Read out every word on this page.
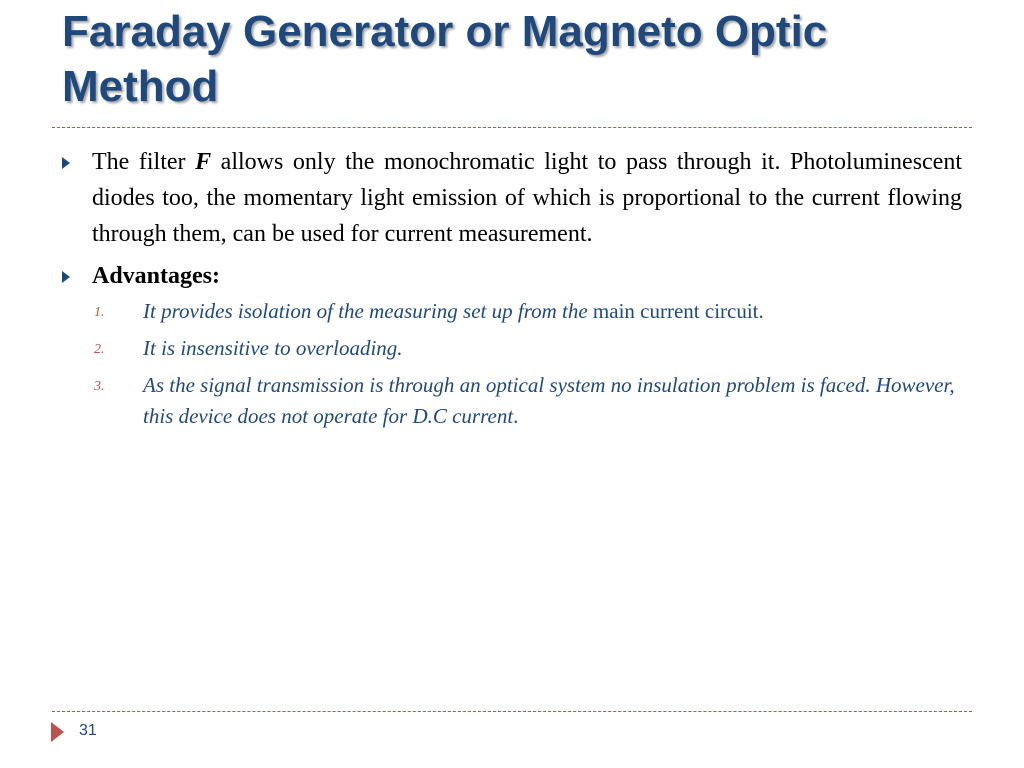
Faraday Generator or Magneto Optic Method
The filter F allows only the monochromatic light to pass through it. Photoluminescent diodes too, the momentary light emission of which is proportional to the current flowing through them, can be used for current measurement.
Advantages:
1. It provides isolation of the measuring set up from the main current circuit.
2. It is insensitive to overloading.
3. As the signal transmission is through an optical system no insulation problem is faced. However, this device does not operate for D.C current.
31
